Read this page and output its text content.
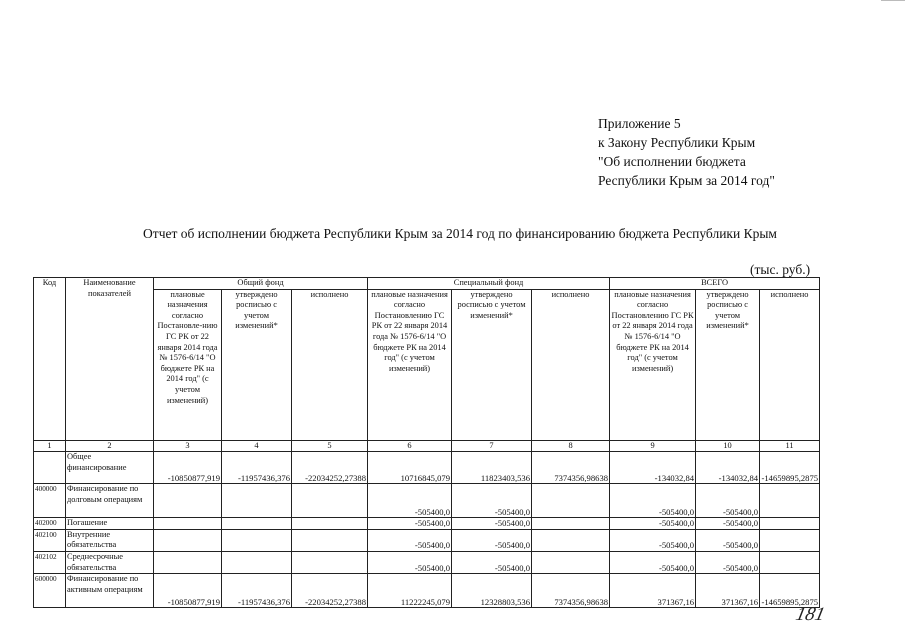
Приложение 5
к Закону Республики Крым
"Об исполнении бюджета
Республики Крым за 2014 год"
Отчет об исполнении бюджета Республики Крым за 2014 год по финансированию бюджета Республики Крым
(тыс. руб.)
Код	Наименование показателей	Общий фонд			Специальный фонд			ВСЕГО		
		плановые назначения согласно Постановле-нию ГС РК от 22 января 2014 года № 1576-6/14 "О бюджете РК на 2014 год" (с учетом изменений)	утверждено росписью с учетом изменений*	исполнено	плановые назначения согласно Постановлению ГС РК от 22 января 2014 года № 1576-6/14 "О бюджете РК на 2014 год" (с учетом изменений)	утверждено росписью с учетом изменений*	исполнено	плановые назначения согласно Постановлению ГС РК от 22 января 2014 года № 1576-6/14 "О бюджете РК на 2014 год" (с учетом изменений)	утверждено росписью с учетом изменений*	исполнено
1	2	3	4	5	6	7	8	9	10	11
	Общее финансирование	-10850877,919	-11957436,376	-22034252,27388	10716845,079	11823403,536	7374356,98638	-134032,84	-134032,84	-14659895,2875
400000	Финансирование по долговым операциям				-505400,0	-505400,0		-505400,0	-505400,0	
402000	Погашение				-505400,0	-505400,0		-505400,0	-505400,0	
402100	Внутренние обязательства				-505400,0	-505400,0		-505400,0	-505400,0	
402102	Среднесрочные обязательства				-505400,0	-505400,0		-505400,0	-505400,0	
600000	Финансирование по активным операциям	-10850877,919	-11957436,376	-22034252,27388	11222245,079	12328803,536	7374356,98638	371367,16	371367,16	-14659895,2875
181
